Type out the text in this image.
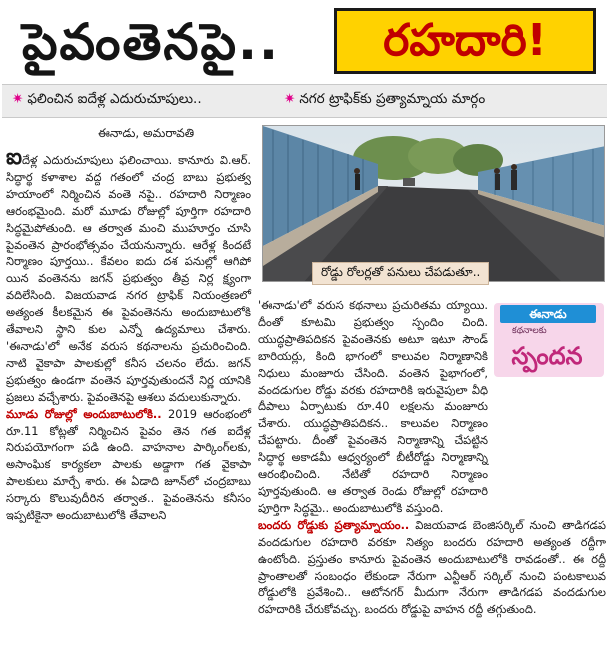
పైవంతెనపై..	రహదారి!
✷ ఫలించిన ఐదేళ్ల ఎదురుచూపులు..	✷ నగర ట్రాఫిక్‌కు ప్రత్యామ్నాయ మార్గం
ఈనాడు, అమరావతి

ఐదేళ్ల ఎదురుచూపులు ఫలించాయి. కానూరు వి.ఆర్. సిద్ధార్థ కళాశాల వద్ద గతంలో చంద్ర బాబు ప్రభుత్వ హయాంలో నిర్మించిన వంతె నపై.. రహదారి నిర్మాణం ఆరంభమైంది. మరో మూడు రోజుల్లో పూర్తిగా రహదారి సిద్ధమైపోతుంది. ఆ తర్వాత మంచి ముహూర్తం చూసి పైవంతెన ప్రారంభోత్సవం చేయనున్నారు. ఆరేళ్ల కిందటే నిర్మాణం పూర్తయి.. కేవలం ఐదు దశ పనుల్లో ఆగిపో యిన వంతెనను జగన్ ప్రభుత్వం తీవ్ర నిర్ల క్ష్యంగా వదిలేసింది. విజయవాడ నగర ట్రాఫిక్ నియంత్రణలో అత్యంత కీలకమైన ఈ పైవంతెనను అందుబాటులోకి తేవాలని స్థాని కుల ఎన్నో ఉద్యమాలు చేశారు. 'ఈనాడు'లో అనేక వరుస కథనాలను ప్రచురించింది. నాటి వైకాపా పాలకుల్లో కనీస చలనం లేదు. జగన్ ప్రభుత్వం ఉండగా వంతెన పూర్తవుతుందనే నిర్ణ యానికి ప్రజలు వచ్చేశారు. పైవంతెనపై ఆశలు వదులుకున్నారు.

మూడు రోజుల్లో అందుబాటులోకి.. 2019 ఆరంభంలో రూ.11 కోట్లతో నిర్మించిన పైవం తెన గత ఐదేళ్ల నిరుపయోగంగా పడి ఉంది. వాహనాల పార్కింగ్‌లకు, అసాంఘిక కార్యకలా పాలకు అడ్డాగా గత వైకాపా పాలకులు మార్చే శారు. ఈ ఏడాది జూన్‌లో చంద్రబాబు సర్కారు కొలువుదీరిన తర్వాత.. పైవంతెనను కనీసం ఇప్పటికైనా అందుబాటులోకి తేవాలని

రోడ్డు రోలర్లతో పనులు చేపడుతూ..
ఈనాడు
కథనాలకు
స్పందన

'ఈనాడు'లో వరుస కథనాలు ప్రచురితమ య్యాయి. దీంతో కూటమి ప్రభుత్వం స్పందిం చింది. యుద్ధప్రాతిపదికన పైవంతెనకు అటూ ఇటూ సౌండ్ బారియర్లు, కింది భాగంలో కాలువల నిర్మాణానికి నిధులు మంజూరు చేసింది. వంతెన పైభాగంలో, వందడుగుల రోడ్డు వరకు రహదారికి ఇరువైపులా వీధి దీపాలు ఏర్పాటుకు రూ.40 లక్షలను మంజూరు చేశారు. యుద్ధప్రాతిపదికన.. కాలువల నిర్మాణం చేపట్టారు. దీంతో పైవంతెన నిర్మాణాన్ని చేపట్టిన సిద్ధార్థ అకాడమీ ఆధ్వర్యంలో బీటీరోడ్డు నిర్మాణాన్ని ఆరంభించింది. నేటితో రహదారి నిర్మాణం పూర్తవుతుంది. ఆ తర్వాత రెండు రోజుల్లో రహదారి పూర్తిగా సిద్ధమై.. అందుబాటులోకి వస్తుంది.

బందరు రోడ్డుకు ప్రత్యామ్నాయం.. విజయవాడ బెంజిసర్కిల్ నుంచి తాడిగడప వందడుగుల రహదారి వరకూ నిత్యం బందరు రహదారి అత్యంత రద్దీగా ఉంటోంది. ప్రస్తుతం కానూరు పైవంతెన అందుబాటులోకి రావడంతో.. ఈ రద్దీ ప్రాంతాలతో సంబంధం లేకుండా నేరుగా ఎన్టీఆర్ సర్కిల్ నుంచి పంటకాలువ రోడ్డులోకి ప్రవేశించి.. ఆటోనగర్ మీదుగా నేరుగా తాడిగడప వందడుగుల రహదారికి చేరుకోవచ్చు. బందరు రోడ్డుపై వాహన రద్దీ తగ్గుతుంది.
